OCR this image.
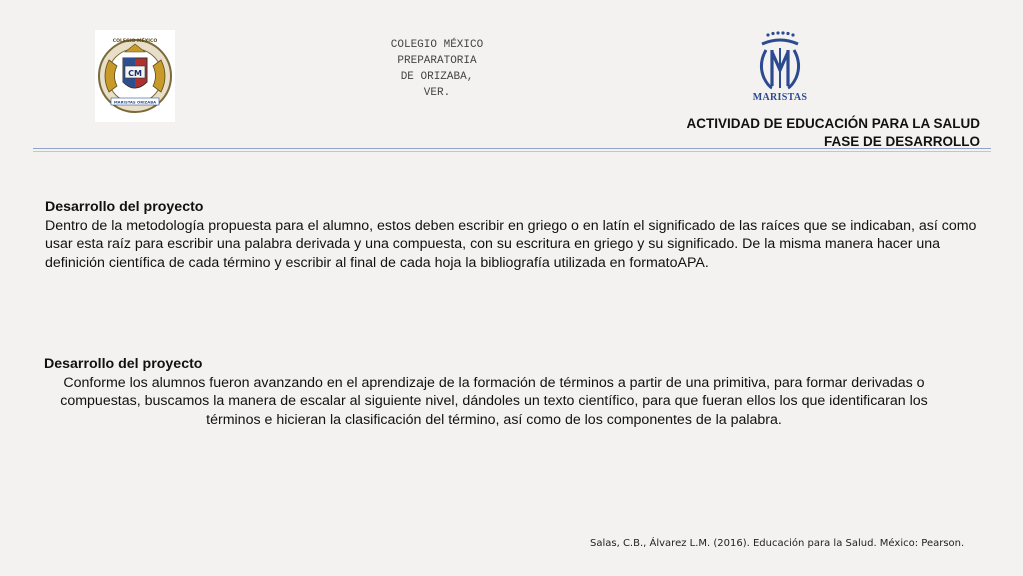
CM
COLEGIO MÉXICO
MARISTAS ORIZABA
COLEGIO MÉXICO
PREPARATORIA
DE ORIZABA,
VER.	MARISTAS
ACTIVIDAD DE EDUCACIÓN PARA LA SALUD
FASE DE DESARROLLO
Desarrollo del proyecto

Dentro de la metodología propuesta para el alumno, estos deben escribir en griego o en latín el significado de las raíces que se indicaban, así como usar esta raíz para escribir una palabra derivada y una compuesta, con su escritura en griego y su significado. De la misma manera hacer una definición científica de cada término y escribir al final de cada hoja la bibliografía utilizada en formatoAPA.

Desarrollo del proyecto

Conforme los alumnos fueron avanzando en el aprendizaje de la formación de términos a partir de una primitiva, para formar derivadas o compuestas, buscamos la manera de escalar al siguiente nivel, dándoles un texto científico, para que fueran ellos los que identificaran los términos e hicieran la clasificación del término, así como de los componentes de la palabra.

Salas, C.B., Álvarez L.M. (2016). Educación para la Salud. México: Pearson.
